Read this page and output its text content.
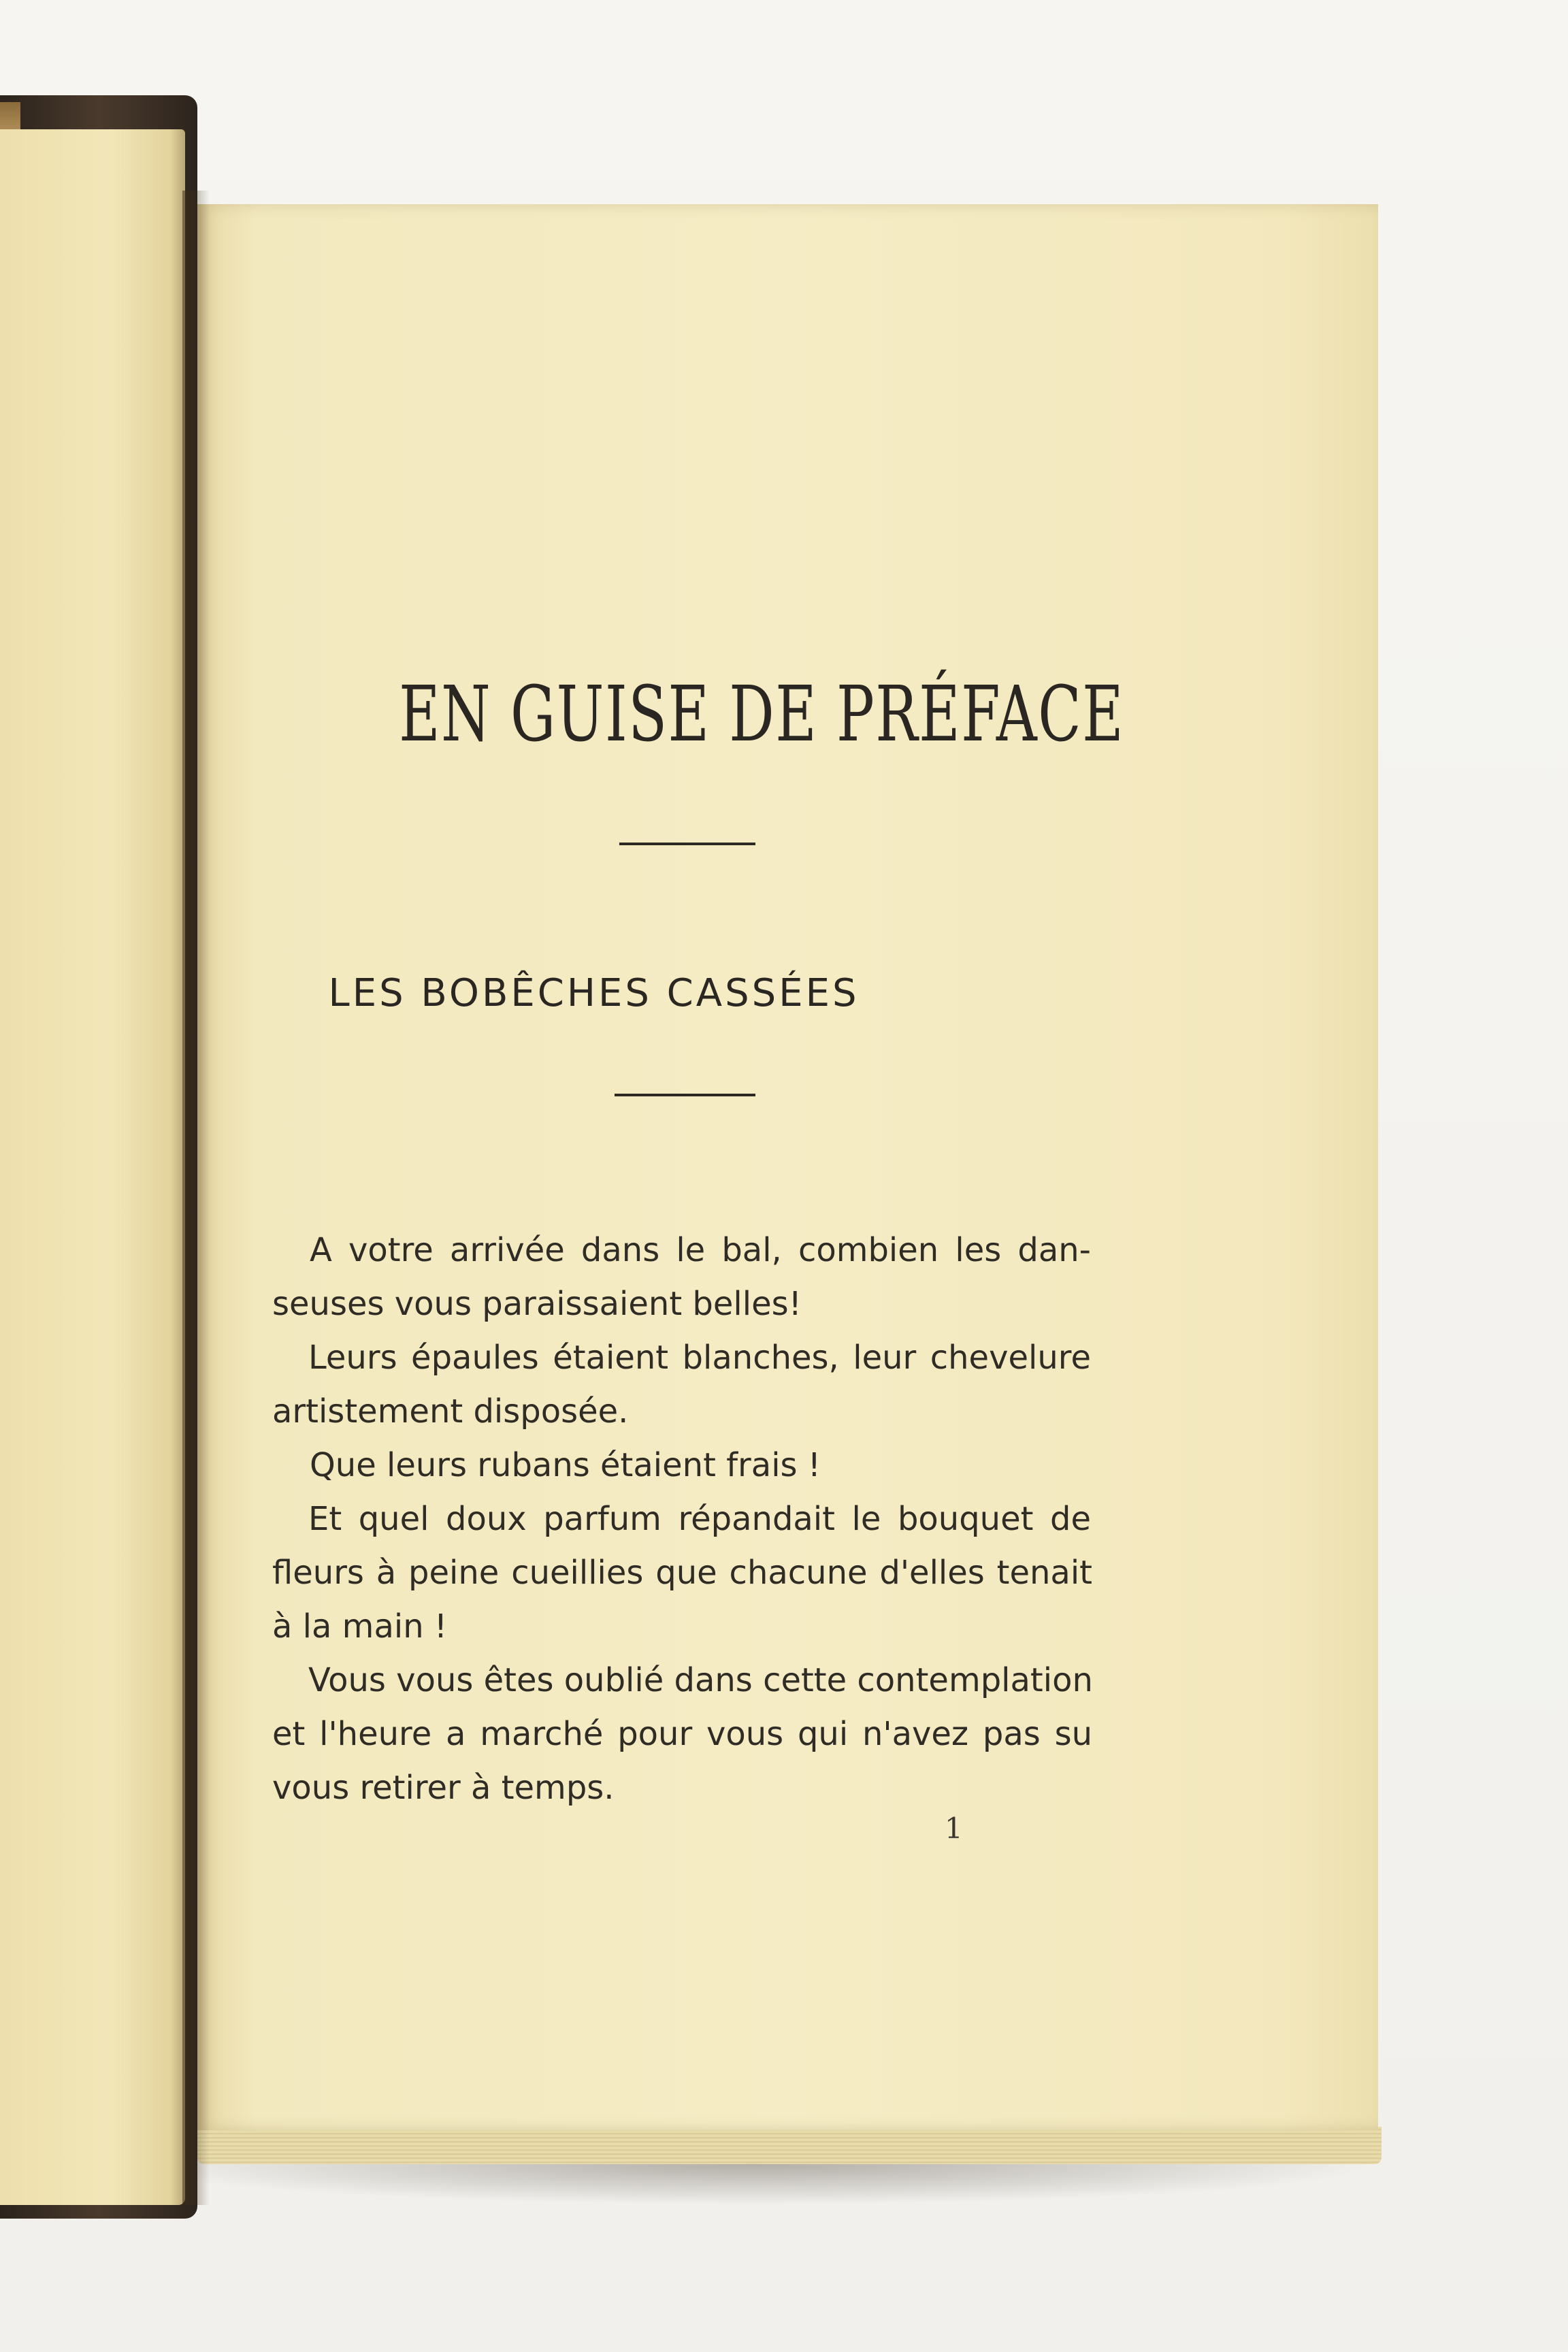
EN GUISE DE PRÉFACE
LES BOBÊCHES CASSÉES
A votre arrivée dans le bal, combien les dan-
seuses vous paraissaient belles!
Leurs épaules étaient blanches, leur chevelure
artistement disposée.
Que leurs rubans étaient frais !
Et quel doux parfum répandait le bouquet de
fleurs à peine cueillies que chacune d'elles tenait
à la main !
Vous vous êtes oublié dans cette contemplation
et l'heure a marché pour vous qui n'avez pas su
vous retirer à temps.
1
